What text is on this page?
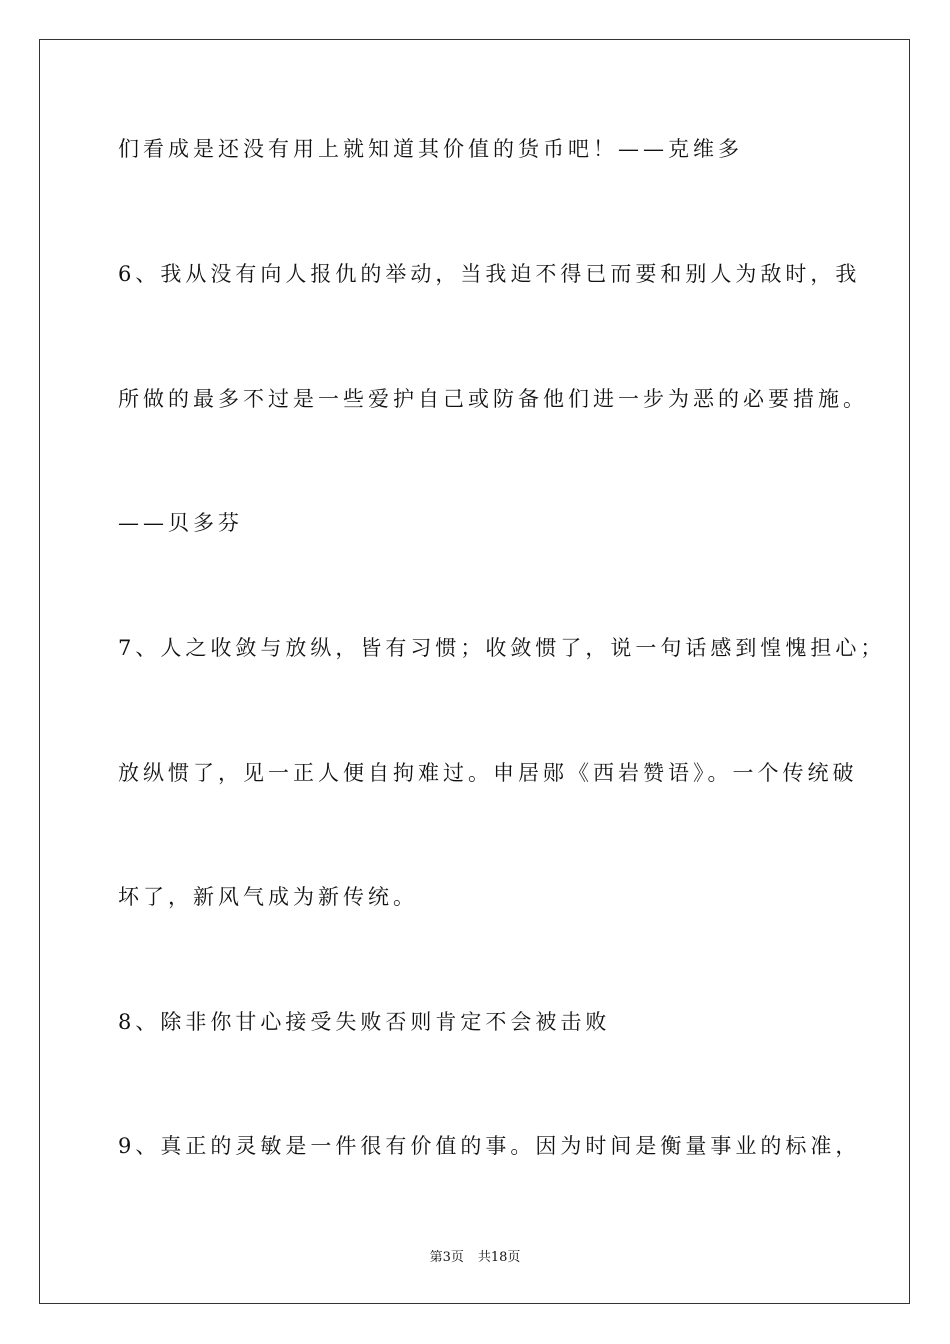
们看成是还没有用上就知道其价值的货币吧！——克维多
6、我从没有向人报仇的举动，当我迫不得已而要和别人为敌时，我
所做的最多不过是一些爱护自己或防备他们进一步为恶的必要措施。
——贝多芬
7、人之收敛与放纵，皆有习惯；收敛惯了，说一句话感到惶愧担心；
放纵惯了，见一正人便自拘难过。申居郧《西岩赞语》。一个传统破
坏了，新风气成为新传统。
8、除非你甘心接受失败否则肯定不会被击败
9、真正的灵敏是一件很有价值的事。因为时间是衡量事业的标准，
第3页 共18页
